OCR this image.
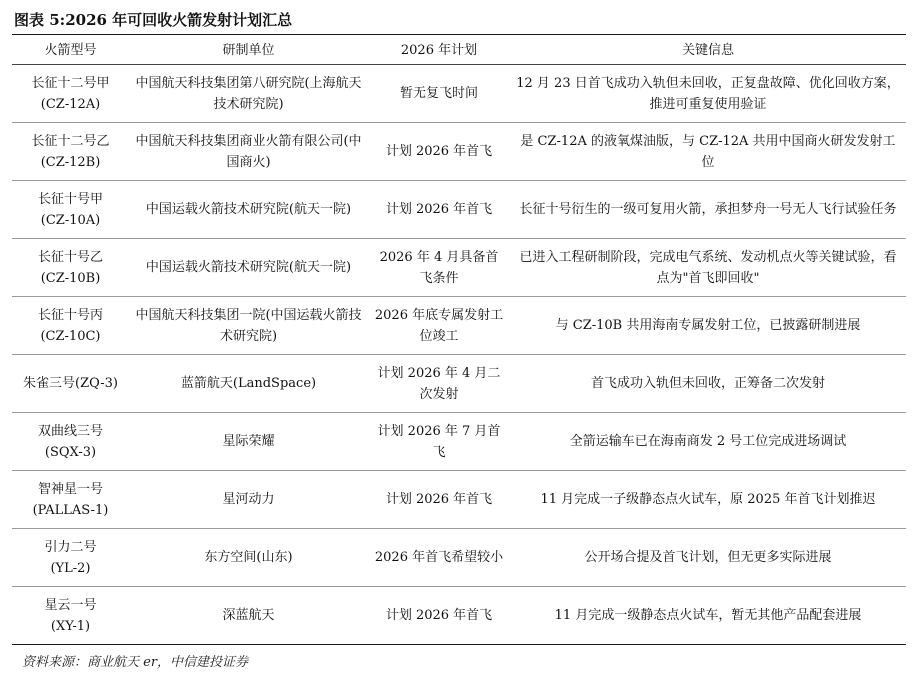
图表 5:2026 年可回收火箭发射计划汇总
火箭型号	研制单位	2026 年计划	关键信息

长征十二号甲
(CZ-12A)	中国航天科技集团第八研究院(上海航天技术研究院)	暂无复飞时间	12 月 23 日首飞成功入轨但未回收，正复盘故障、优化回收方案，推进可重复使用验证

长征十二号乙
(CZ-12B)	中国航天科技集团商业火箭有限公司(中国商火)	计划 2026 年首飞	是 CZ-12A 的液氧煤油版，与 CZ-12A 共用中国商火研发发射工位

长征十号甲
(CZ-10A)	中国运载火箭技术研究院(航天一院)	计划 2026 年首飞	长征十号衍生的一级可复用火箭，承担梦舟一号无人飞行试验任务

长征十号乙
(CZ-10B)	中国运载火箭技术研究院(航天一院)	2026 年 4 月具备首飞条件	已进入工程研制阶段，完成电气系统、发动机点火等关键试验，看点为"首飞即回收"

长征十号丙
(CZ-10C)	中国航天科技集团一院(中国运载火箭技术研究院)	2026 年底专属发射工位竣工	与 CZ-10B 共用海南专属发射工位，已披露研制进展
朱雀三号(ZQ-3)	蓝箭航天(LandSpace)	计划 2026 年 4 月二次发射	首飞成功入轨但未回收，正筹备二次发射

双曲线三号
(SQX-3)	星际荣耀	计划 2026 年 7 月首飞	全箭运输车已在海南商发 2 号工位完成进场调试

智神星一号
(PALLAS-1)	星河动力	计划 2026 年首飞	11 月完成一子级静态点火试车，原 2025 年首飞计划推迟

引力二号
(YL-2)	东方空间(山东)	2026 年首飞希望较小	公开场合提及首飞计划，但无更多实际进展

星云一号
(XY-1)	深蓝航天	计划 2026 年首飞	11 月完成一级静态点火试车，暂无其他产品配套进展
资料来源：商业航天 er，中信建投证券
